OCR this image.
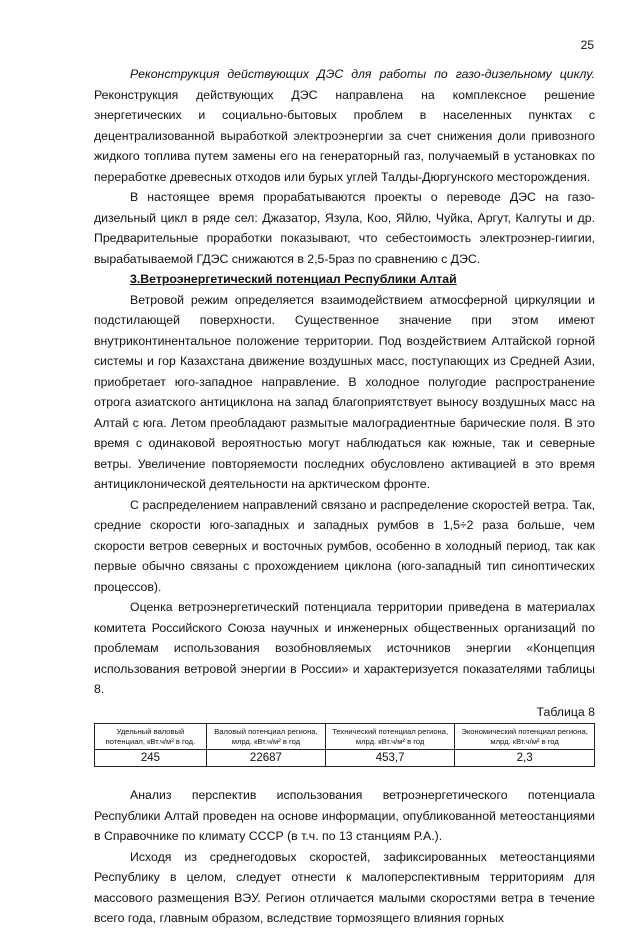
25

Реконструкция действующих ДЭС для работы по газо-дизельному циклу. Реконструкция действующих ДЭС направлена на комплексное решение энергетических и социально-бытовых проблем в населенных пунктах с децентрализованной выработкой электроэнергии за счет снижения доли привозного жидкого топлива путем замены его на генераторный газ, получаемый в установках по переработке древесных отходов или бурых углей Талды-Дюргунского месторождения.

В настоящее время прорабатываются проекты о переводе ДЭС на газо-дизельный цикл в ряде сел: Джазатор, Язула, Коо, Яйлю, Чуйка, Аргут, Калгуты и др. Предварительные проработки показывают, что себестоимость электроэнер-гиигии, вырабатываемой ГДЭС снижаются в 2,5-5раз по сравнению с ДЭС.

3.Ветроэнергетический потенциал Республики Алтай

Ветровой режим определяется взаимодействием атмосферной циркуляции и подстилающей поверхности. Существенное значение при этом имеют внутриконтинентальное положение территории. Под воздействием Алтайской горной системы и гор Казахстана движение воздушных масс, поступающих из Средней Азии, приобретает юго-западное направление. В холодное полугодие распространение отрога азиатского антициклона на запад благоприятствует выносу воздушных масс на Алтай с юга. Летом преобладают размытые малоградиентные барические поля. В это время с одинаковой вероятностью могут наблюдаться как южные, так и северные ветры. Увеличение повторяемости последних обусловлено активацией в это время антициклонической деятельности на арктическом фронте.

С распределением направлений связано и распределение скоростей ветра. Так, средние скорости юго-западных и западных румбов в 1,5÷2 раза больше, чем скорости ветров северных и восточных румбов, особенно в холодный период, так как первые обычно связаны с прохождением циклона (юго-западный тип синоптических процессов).

Оценка ветроэнергетический потенциала территории приведена в материалах комитета Российского Союза научных и инженерных общественных организаций по проблемам использования возобновляемых источников энергии «Концепция использования ветровой энергии в России» и характеризуется показателями таблицы 8.

Таблица 8
Удельный валовый потенциал, кВт.ч/м² в год.	Валовый потенциал региона, млрд. кВт.ч/м² в год	Технический потенциал региона, млрд. кВт.ч/м² в год	Экономический потенциал региона, млрд. кВт.ч/м² в год
245	22687	453,7	2,3

Анализ перспектив использования ветроэнергетического потенциала Республики Алтай проведен на основе информации, опубликованной метеостанциями в Справочнике по климату СССР (в т.ч. по 13 станциям Р.А.).

Исходя из среднегодовых скоростей, зафиксированных метеостанциями Республику в целом, следует отнести к малоперспективным территориям для массового размещения ВЭУ. Регион отличается малыми скоростями ветра в течение всего года, главным образом, вследствие тормозящего влияния горных
